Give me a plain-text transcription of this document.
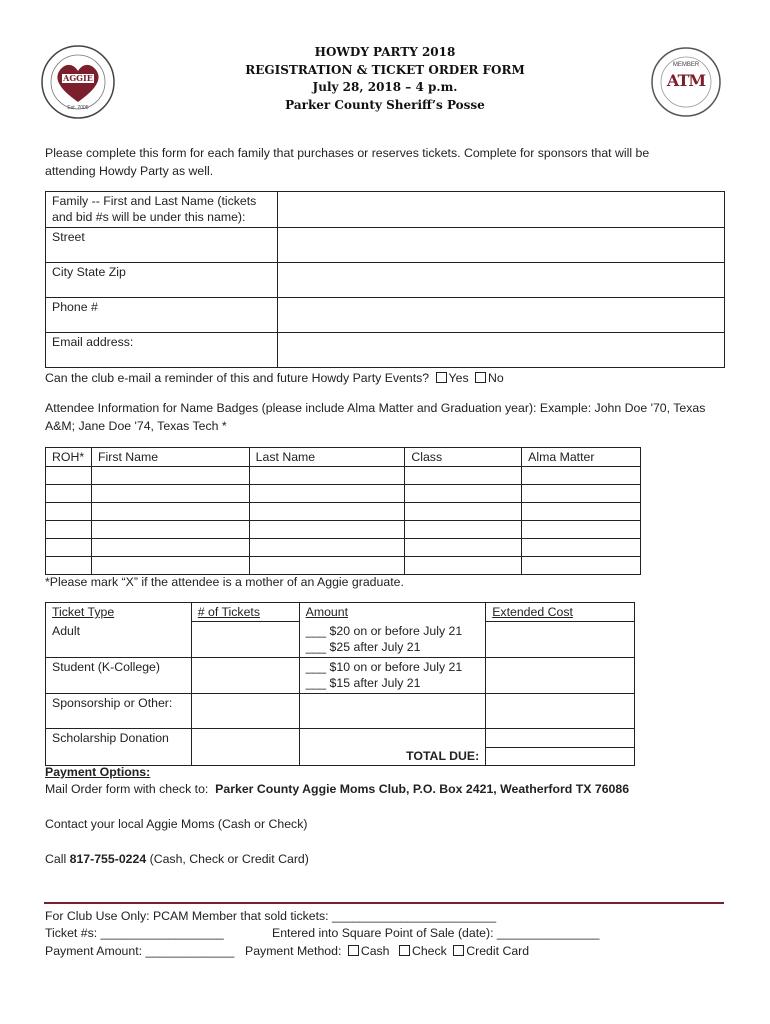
AGGIE
Est. 2005
MEMBER
ATM
HOWDY PARTY 2018
REGISTRATION & TICKET ORDER FORM
July 28, 2018 – 4 p.m.
Parker County Sheriff’s Posse
Please complete this form for each family that purchases or reserves tickets. Complete for sponsors that will be attending Howdy Party as well.
Family -- First and Last Name (tickets and bid #s will be under this name):	
Street	
City State Zip	
Phone #	
Email address:	
Can the club e-mail a reminder of this and future Howdy Party Events? Yes No
Attendee Information for Name Badges (please include Alma Matter and Graduation year): Example: John Doe '70, Texas A&M; Jane Doe '74, Texas Tech *
ROH*	First Name	Last Name	Class	Alma Matter

*Please mark “X” if the attendee is a mother of an Aggie graduate.
Ticket Type	# of Tickets	Amount	Extended Cost
Adult		___ $20 on or before July 21
___ $25 after July 21	

Student (K-College)		___ $10 on or before July 21
___ $15 after July 21	

Sponsorship or Other:			
Scholarship Donation			
		TOTAL DUE:	
Payment Options:
Mail Order form with check to:  Parker County Aggie Moms Club, P.O. Box 2421, Weatherford TX 76086
Contact your local Aggie Moms (Cash or Check)
Call 817-755-0224 (Cash, Check or Credit Card)
For Club Use Only: PCAM Member that sold tickets: ________________________
Ticket #s: __________________	Entered into Square Point of Sale (date): _______________
Payment Amount: _____________ Payment Method: Cash Check Credit Card
